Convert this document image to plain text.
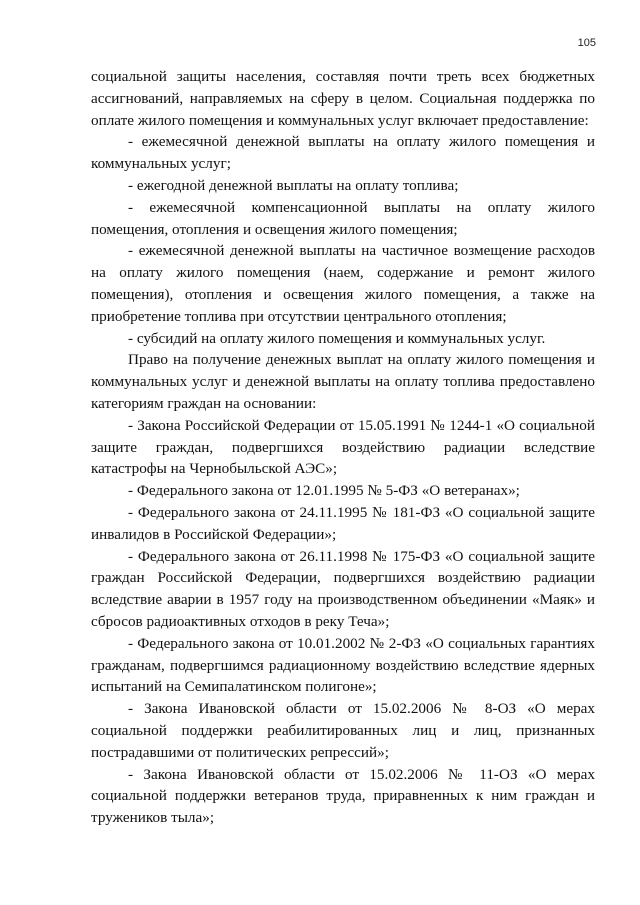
105

социальной защиты населения, составляя почти треть всех бюджетных ассигнований, направляемых на сферу в целом. Социальная поддержка по оплате жилого помещения и коммунальных услуг включает предоставление:

- ежемесячной денежной выплаты на оплату жилого помещения и коммунальных услуг;

- ежегодной денежной выплаты на оплату топлива;

- ежемесячной компенсационной выплаты на оплату жилого помещения, отопления и освещения жилого помещения;

- ежемесячной денежной выплаты на частичное возмещение расходов на оплату жилого помещения (наем, содержание и ремонт жилого помещения), отопления и освещения жилого помещения, а также на приобретение топлива при отсутствии центрального отопления;

- субсидий на оплату жилого помещения и коммунальных услуг.

Право на получение денежных выплат на оплату жилого помещения и коммунальных услуг и денежной выплаты на оплату топлива предоставлено категориям граждан на основании:

- Закона Российской Федерации от 15.05.1991 № 1244-1 «О социальной защите граждан, подвергшихся воздействию радиации вследствие катастрофы на Чернобыльской АЭС»;

- Федерального закона от 12.01.1995 № 5-ФЗ «О ветеранах»;

- Федерального закона от 24.11.1995 № 181-ФЗ «О социальной защите инвалидов в Российской Федерации»;

- Федерального закона от 26.11.1998 № 175-ФЗ «О социальной защите граждан Российской Федерации, подвергшихся воздействию радиации вследствие аварии в 1957 году на производственном объединении «Маяк» и сбросов радиоактивных отходов в реку Теча»;

- Федерального закона от 10.01.2002 № 2-ФЗ «О социальных гарантиях гражданам, подвергшимся радиационному воздействию вследствие ядерных испытаний на Семипалатинском полигоне»;

- Закона Ивановской области от 15.02.2006 № 8-ОЗ «О мерах социальной поддержки реабилитированных лиц и лиц, признанных пострадавшими от политических репрессий»;

- Закона Ивановской области от 15.02.2006 № 11-ОЗ «О мерах социальной поддержки ветеранов труда, приравненных к ним граждан и тружеников тыла»;
